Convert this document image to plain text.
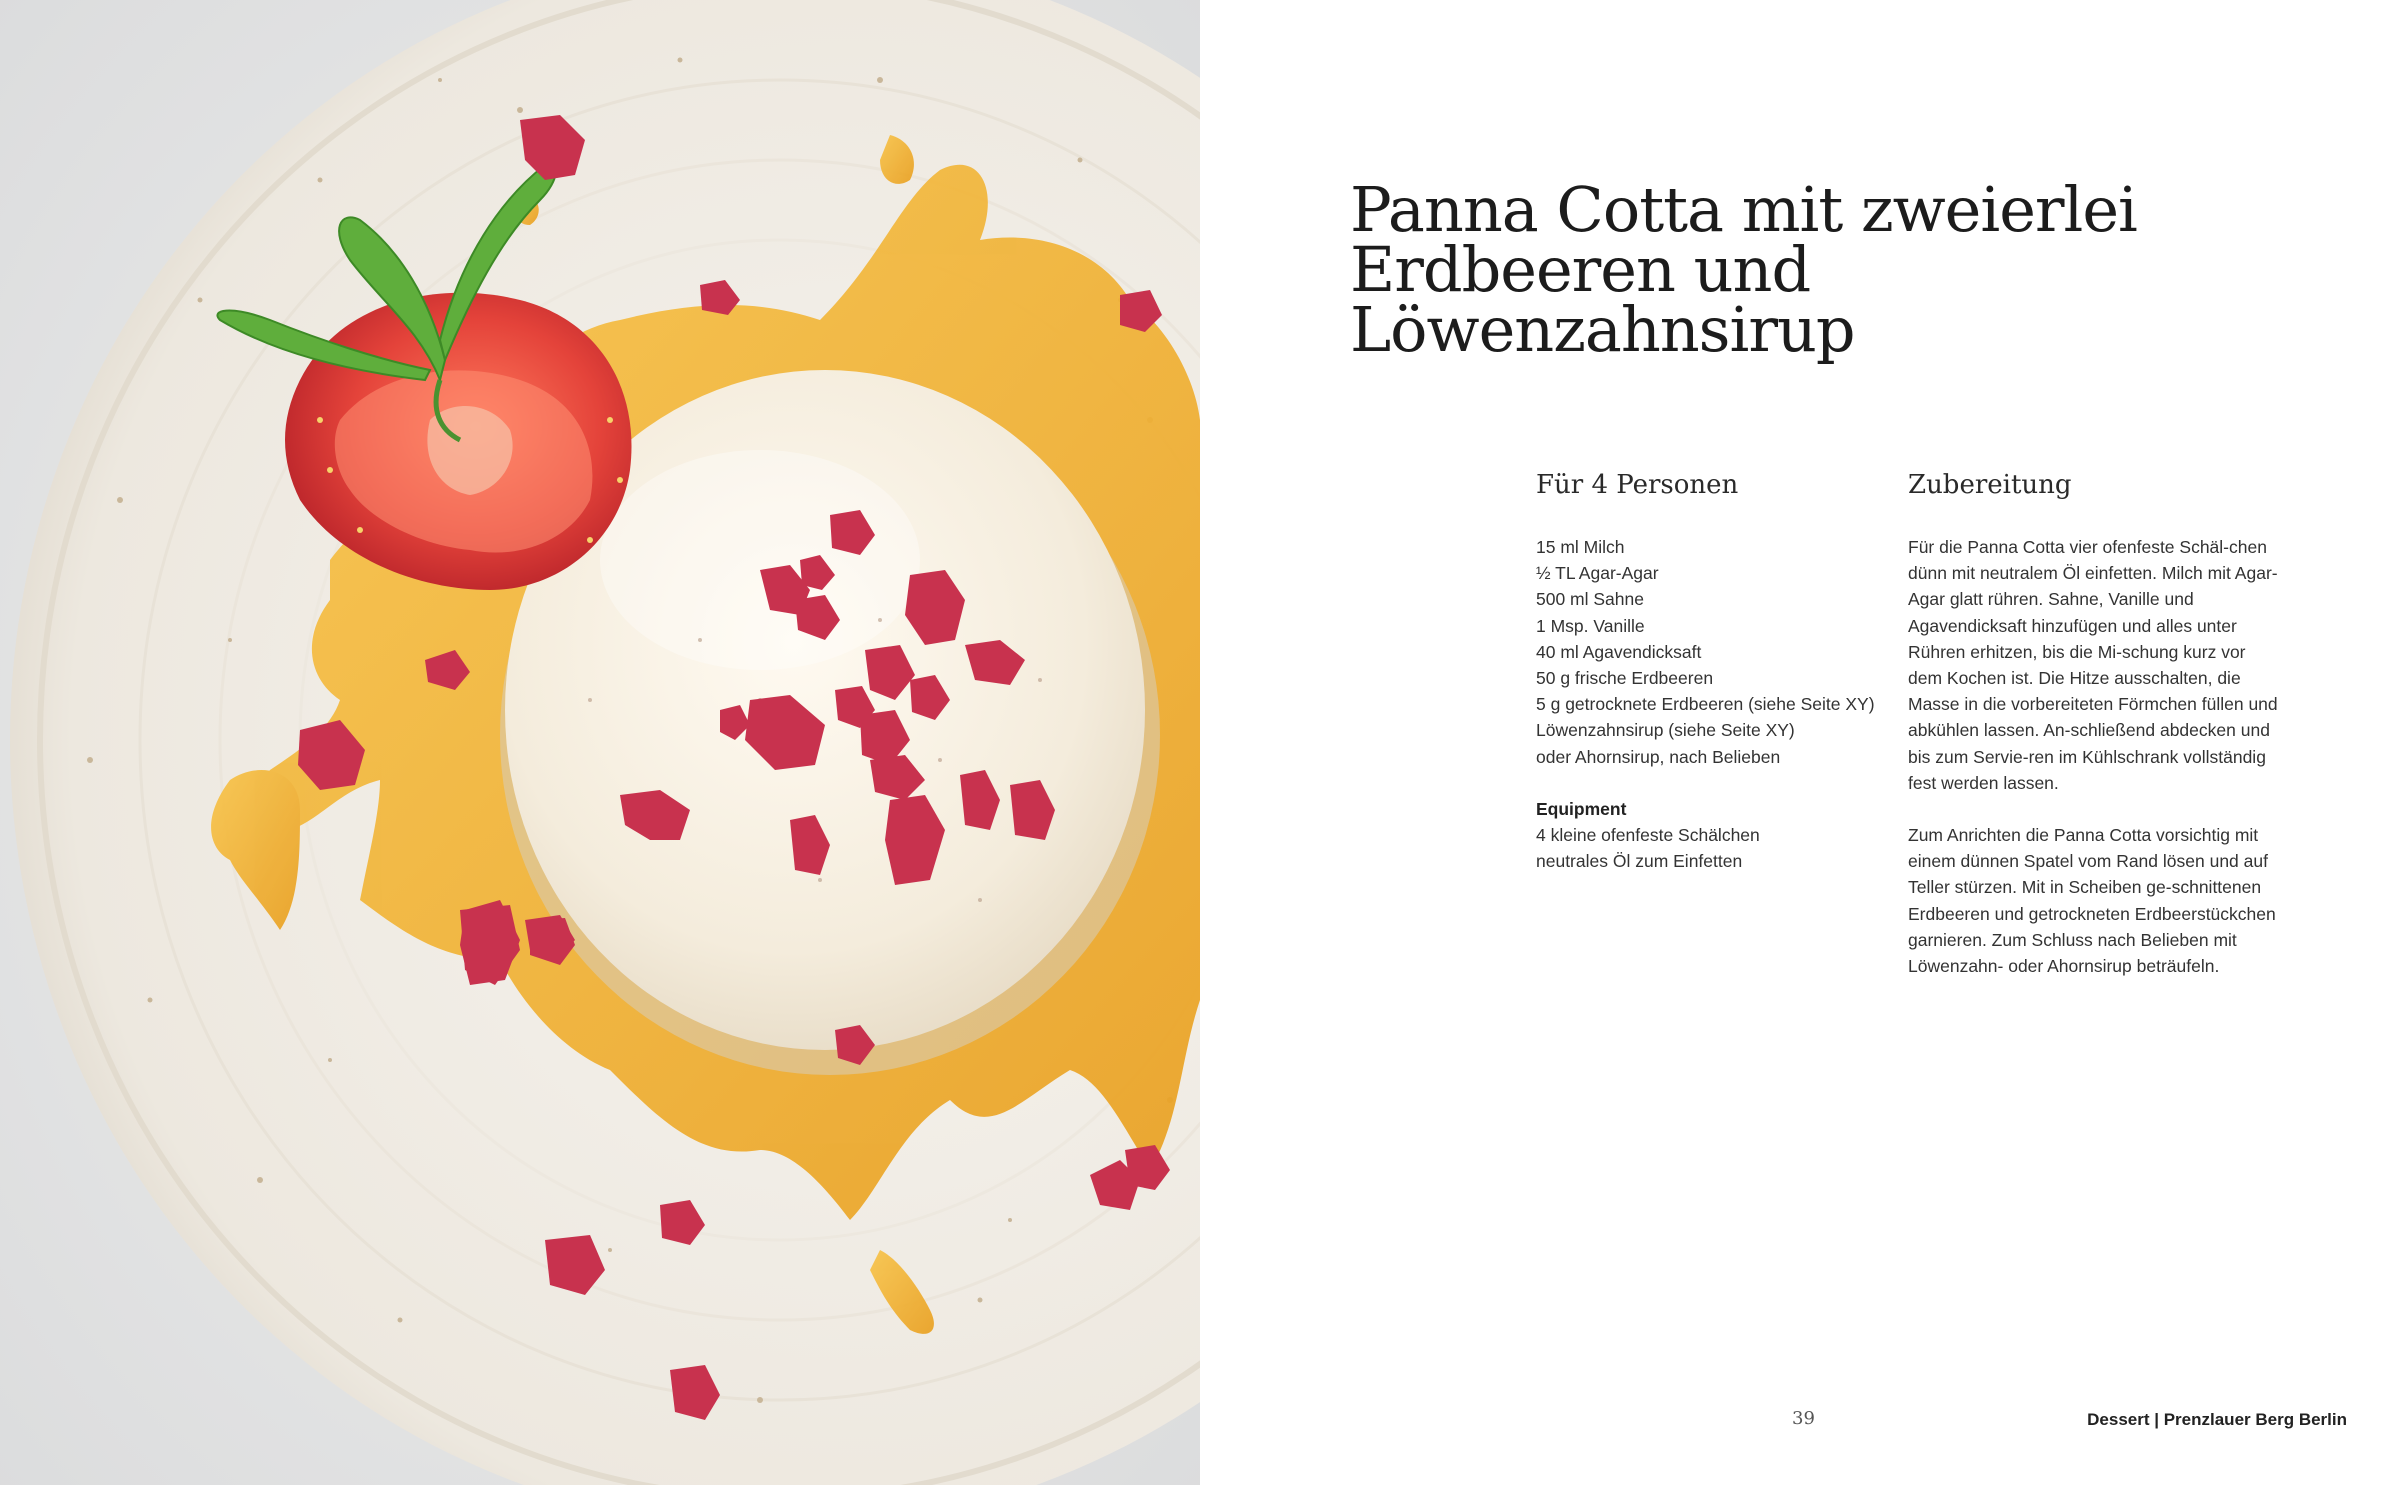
Panna Cotta mit zweierlei
Erdbeeren und Löwenzahnsirup
Für 4 Personen
15 ml Milch
½ TL Agar-Agar
500 ml Sahne
1 Msp. Vanille
40 ml Agavendicksaft
50 g frische Erdbeeren
5 g getrocknete Erdbeeren (siehe Seite XY)
Löwenzahnsirup (siehe Seite XY)
oder Ahornsirup, nach Belieben
Equipment
4 kleine ofenfeste Schälchen
neutrales Öl zum Einfetten
Zubereitung

Für die Panna Cotta vier ofenfeste Schäl-chen dünn mit neutralem Öl einfetten. Milch mit Agar-Agar glatt rühren. Sahne, Vanille und Agavendicksaft hinzufügen und alles unter Rühren erhitzen, bis die Mi-schung kurz vor dem Kochen ist. Die Hitze ausschalten, die Masse in die vorbereiteten Förmchen füllen und abkühlen lassen. An-schließend abdecken und bis zum Servie-ren im Kühlschrank vollständig fest werden lassen.

Zum Anrichten die Panna Cotta vorsichtig mit einem dünnen Spatel vom Rand lösen und auf Teller stürzen. Mit in Scheiben ge-schnittenen Erdbeeren und getrockneten Erdbeerstückchen garnieren. Zum Schluss nach Belieben mit Löwenzahn- oder Ahornsirup beträufeln.

39	Dessert | Prenzlauer Berg Berlin
